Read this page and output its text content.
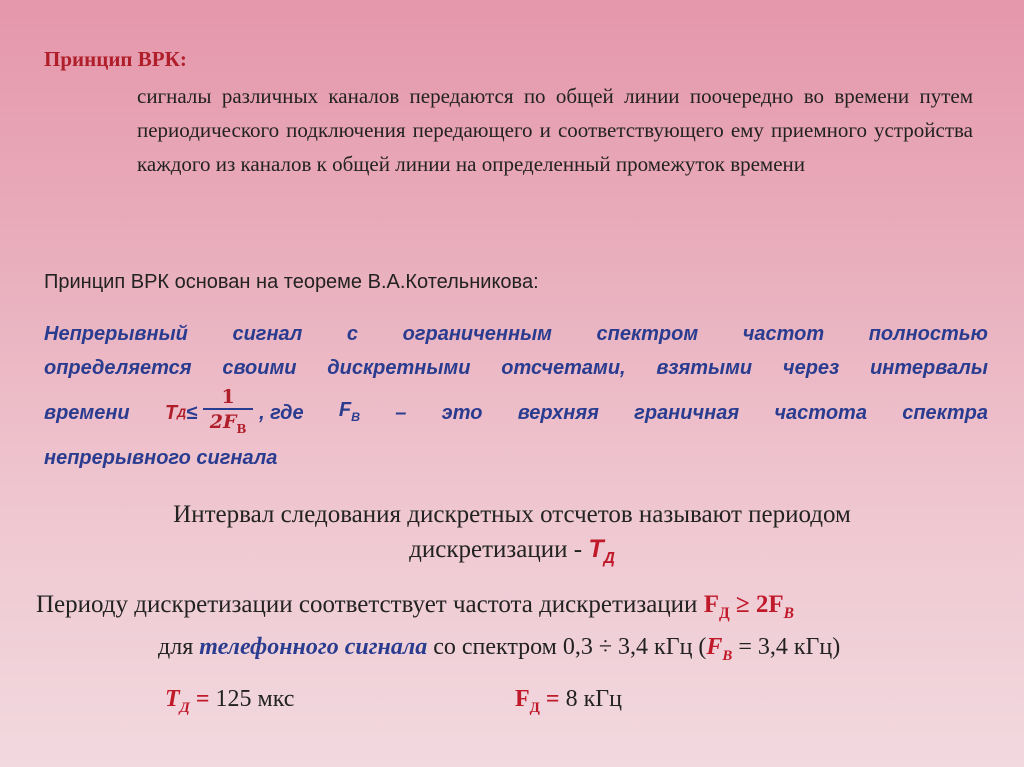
Принцип ВРК:
сигналы различных каналов передаются по общей линии поочередно во времени путем периодического подключения передающего и соответствующего ему приемного устройства каждого из каналов к общей линии на определенный промежуток времени
Принцип ВРК основан на теореме В.А.Котельникова:
Непрерывный сигнал с ограниченным спектром частот полностью
определяется своими дискретными отсчетами, взятыми через интервалы
времени Т $Д \le \frac{1}{2F_В}$ , где $F_В$ – это верхняя граничная частота спектра
непрерывного сигнала
Интервал следования дискретных отсчетов называют периодом
дискретизации - $Т_Д$
Периоду дискретизации соответствует частота дискретизации $F_Д \ge 2F_B$
для телефонного сигнала со спектром 0,3 ÷ 3,4 кГц ($F_B = 3,4$ кГц)
$Т_Д = 125$ мкс	$F_Д = 8$ кГц
